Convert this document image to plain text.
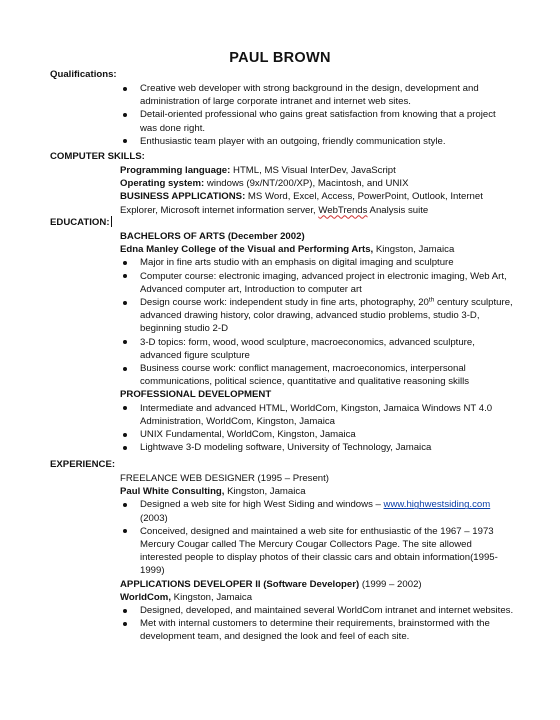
PAUL BROWN
Qualifications:
Creative web developer with strong background in the design, development and administration of large corporate intranet and internet web sites.
Detail-oriented professional who gains great satisfaction from knowing that a project was done right.
Enthusiastic team player with an outgoing, friendly communication style.
COMPUTER SKILLS:
Programming language: HTML, MS Visual InterDev, JavaScript
Operating system: windows (9x/NT/200/XP), Macintosh, and UNIX
BUSINESS APPLICATIONS: MS Word, Excel, Access, PowerPoint, Outlook, Internet Explorer, Microsoft internet information server, WebTrends Analysis suite
EDUCATION:
BACHELORS OF ARTS (December 2002)
Edna Manley College of the Visual and Performing Arts, Kingston, Jamaica
Major in fine arts studio with an emphasis on digital imaging and sculpture
Computer course: electronic imaging, advanced project in electronic imaging, Web Art, Advanced computer art, Introduction to computer art
Design course work: independent study in fine arts, photography, 20th century sculpture, advanced drawing history, color drawing, advanced studio problems, studio 3-D, beginning studio 2-D
3-D topics: form, wood, wood sculpture, macroeconomics, advanced sculpture, advanced figure sculpture
Business course work: conflict management, macroeconomics, interpersonal communications, political science, quantitative and qualitative reasoning skills
PROFESSIONAL DEVELOPMENT
Intermediate and advanced HTML, WorldCom, Kingston, Jamaica Windows NT 4.0 Administration, WorldCom, Kingston, Jamaica
UNIX Fundamental, WorldCom, Kingston, Jamaica
Lightwave 3-D modeling software, University of Technology, Jamaica
EXPERIENCE:
FREELANCE WEB DESIGNER (1995 – Present)
Paul White Consulting, Kingston, Jamaica
Designed a web site for high West Siding and windows – www.highwestsiding.com (2003)
Conceived, designed and maintained a web site for enthusiastic of the 1967 – 1973 Mercury Cougar called The Mercury Cougar Collectors Page. The site allowed interested people to display photos of their classic cars and obtain information(1995-1999)
APPLICATIONS DEVELOPER II (Software Developer) (1999 – 2002)
WorldCom, Kingston, Jamaica
Designed, developed, and maintained several WorldCom intranet and internet websites.
Met with internal customers to determine their requirements, brainstormed with the development team, and designed the look and feel of each site.
